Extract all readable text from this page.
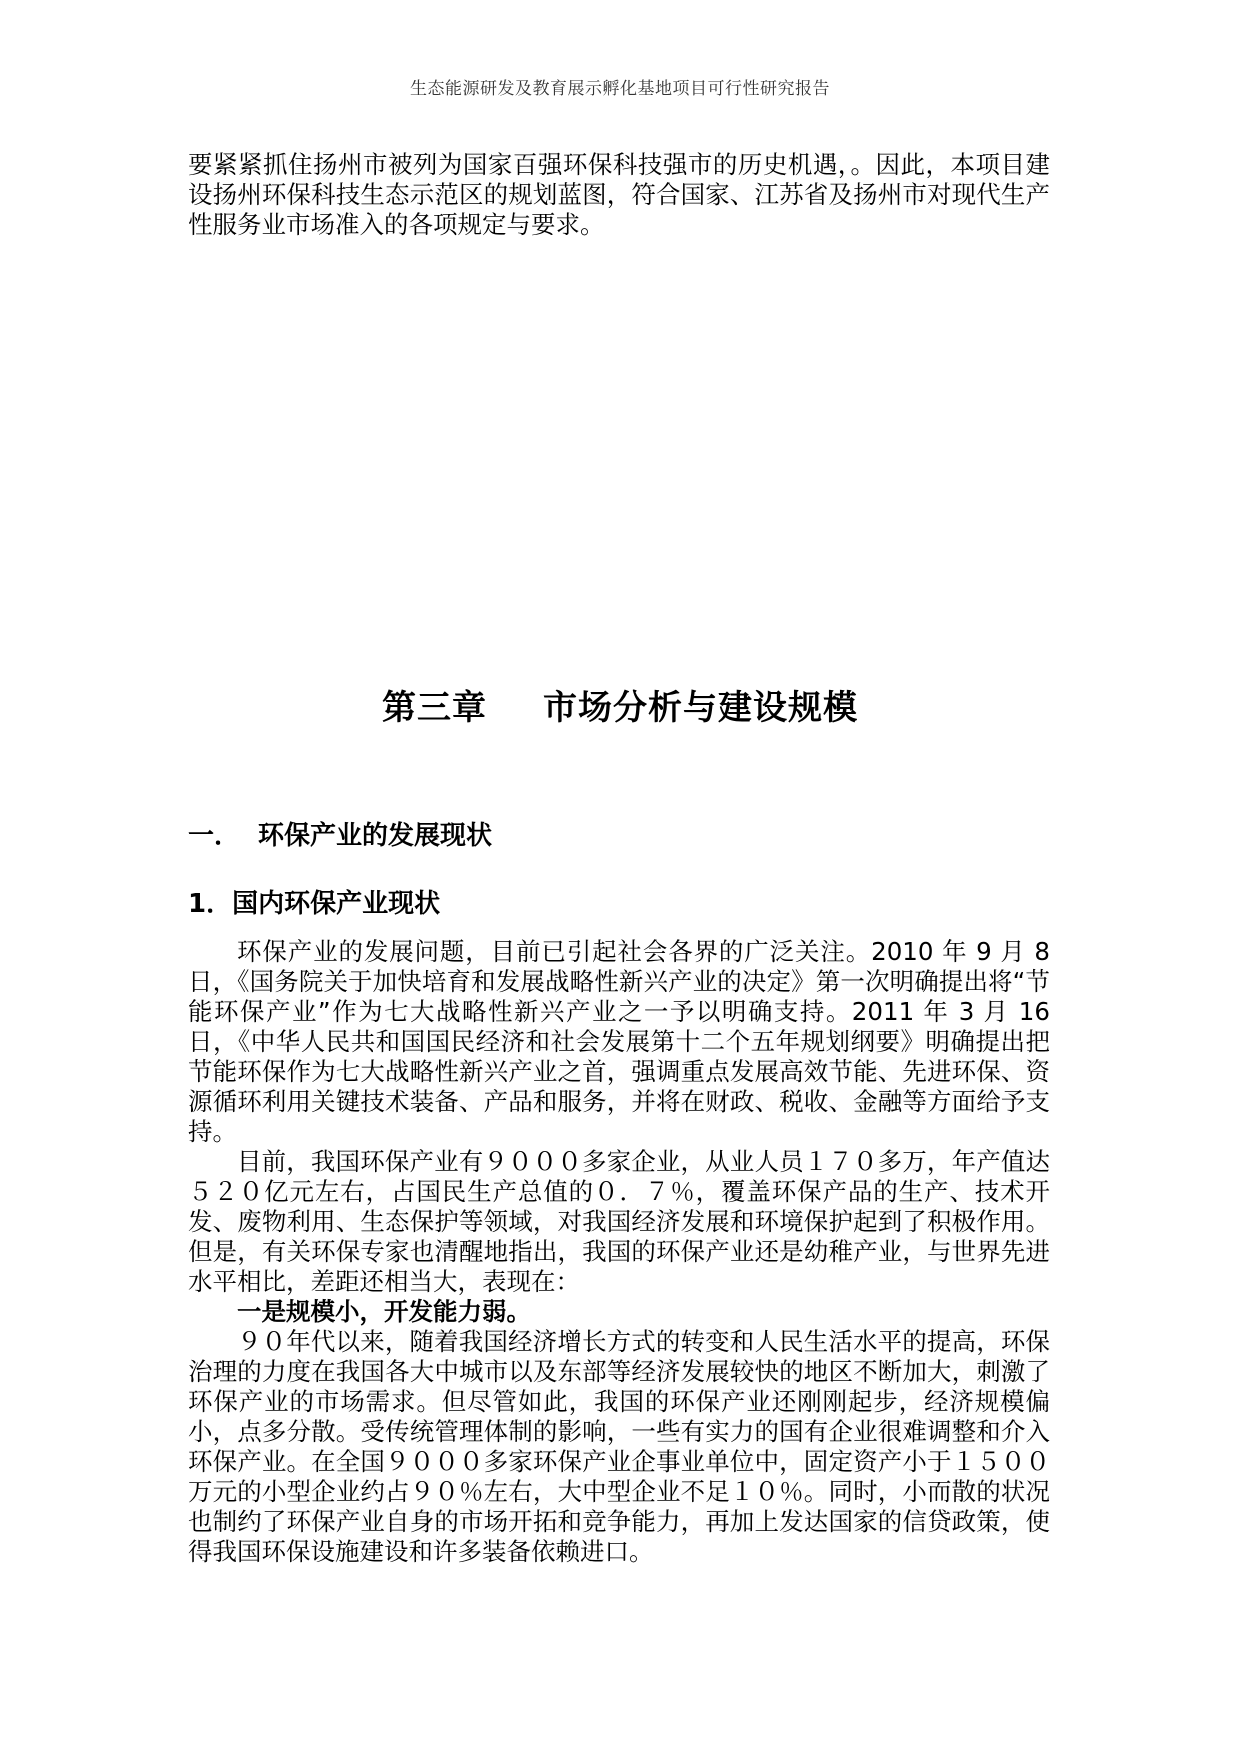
生态能源研发及教育展示孵化基地项目可行性研究报告

要紧紧抓住扬州市被列为国家百强环保科技强市的历史机遇，。因此，本项目建设扬州环保科技生态示范区的规划蓝图，符合国家、江苏省及扬州市对现代生产性服务业市场准入的各项规定与要求。

第三章 市场分析与建设规模
一． 环保产业的发展现状
1．国内环保产业现状

环保产业的发展问题，目前已引起社会各界的广泛关注。2010 年 9 月 8 日，《国务院关于加快培育和发展战略性新兴产业的决定》第一次明确提出将“节能环保产业”作为七大战略性新兴产业之一予以明确支持。2011 年 3 月 16 日，《中华人民共和国国民经济和社会发展第十二个五年规划纲要》明确提出把节能环保作为七大战略性新兴产业之首，强调重点发展高效节能、先进环保、资源循环利用关键技术装备、产品和服务，并将在财政、税收、金融等方面给予支持。

目前，我国环保产业有９０００多家企业，从业人员１７０多万，年产值达５２０亿元左右，占国民生产总值的０．７％，覆盖环保产品的生产、技术开发、废物利用、生态保护等领域，对我国经济发展和环境保护起到了积极作用。但是，有关环保专家也清醒地指出，我国的环保产业还是幼稚产业，与世界先进水平相比，差距还相当大，表现在：

一是规模小，开发能力弱。

９０年代以来，随着我国经济增长方式的转变和人民生活水平的提高，环保治理的力度在我国各大中城市以及东部等经济发展较快的地区不断加大，刺激了环保产业的市场需求。但尽管如此，我国的环保产业还刚刚起步，经济规模偏小，点多分散。受传统管理体制的影响，一些有实力的国有企业很难调整和介入环保产业。在全国９０００多家环保产业企事业单位中，固定资产小于１５００万元的小型企业约占９０％左右，大中型企业不足１０％。同时，小而散的状况也制约了环保产业自身的市场开拓和竞争能力，再加上发达国家的信贷政策，使得我国环保设施建设和许多装备依赖进口。
